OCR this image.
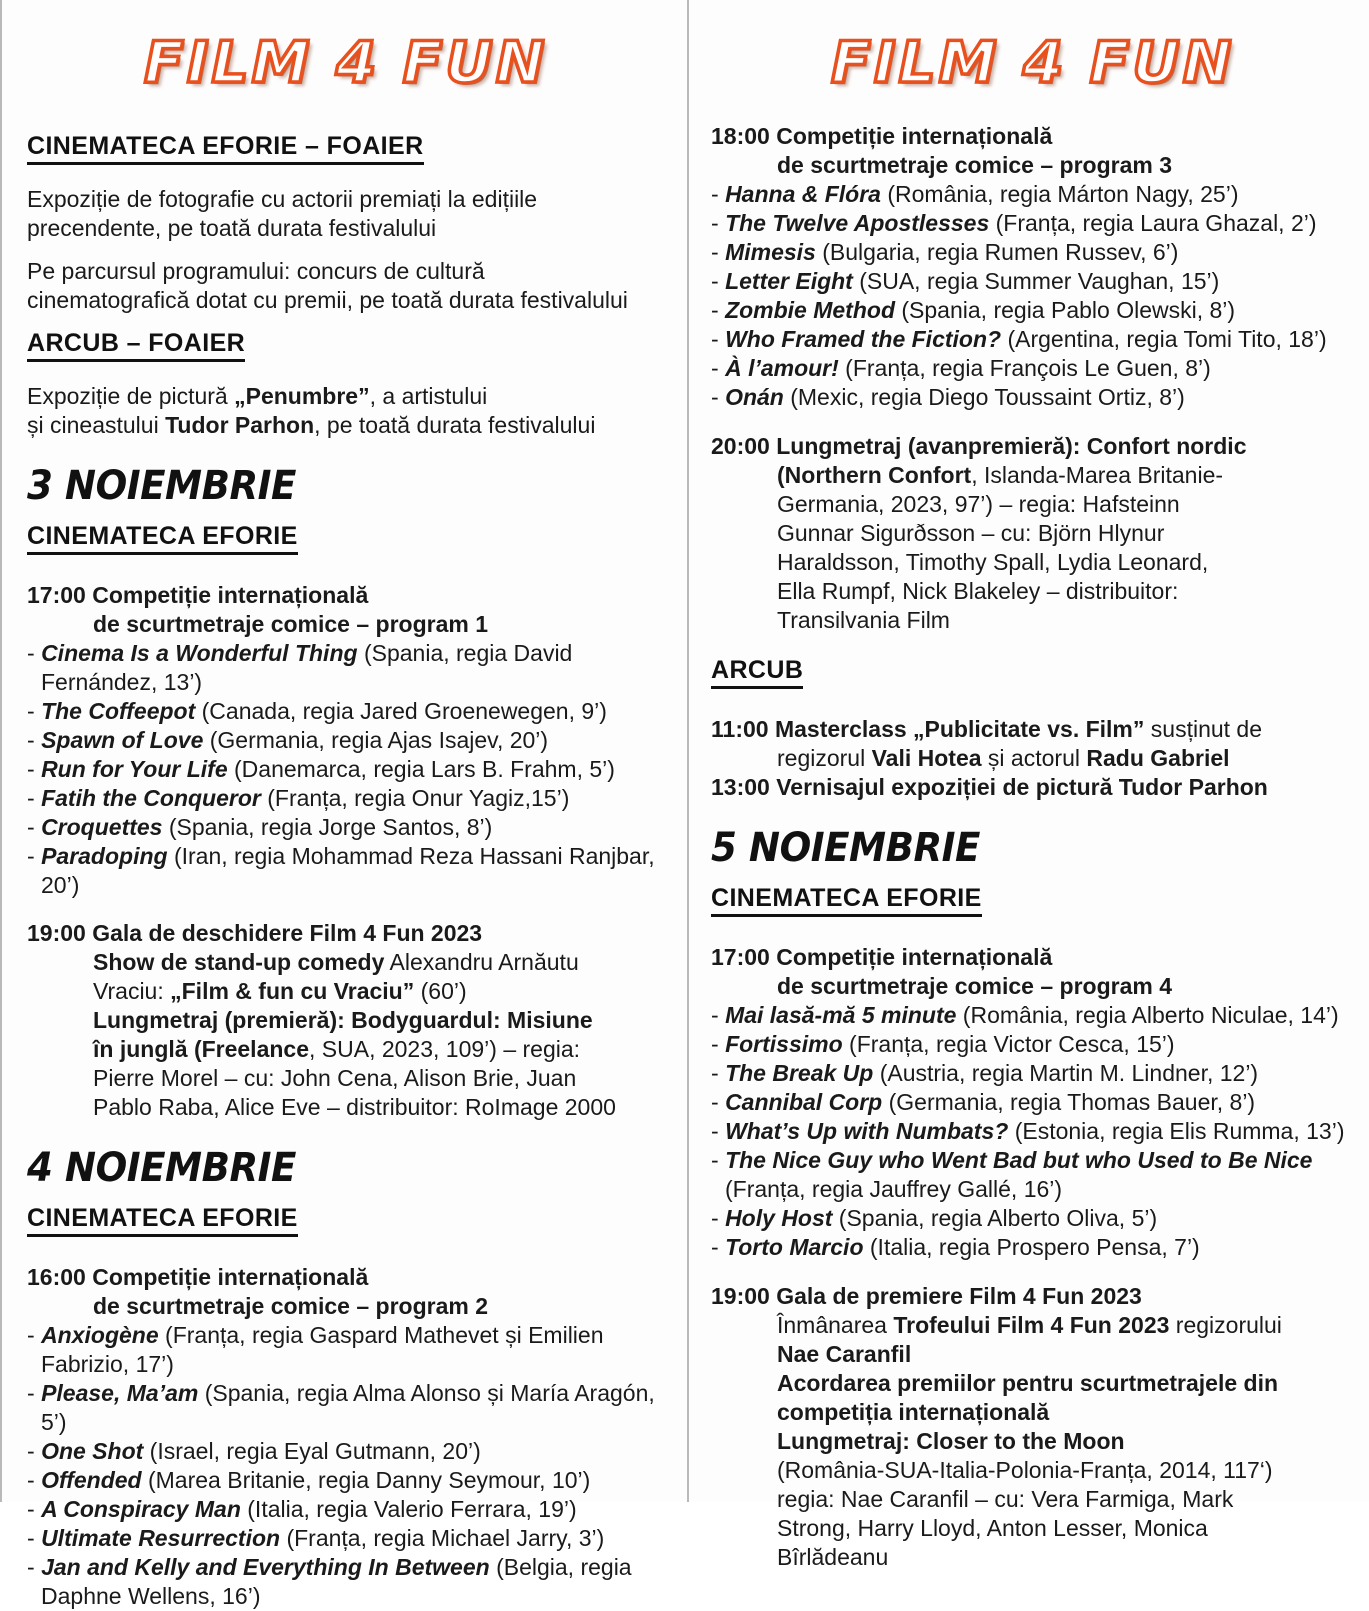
FILM 4 FUN
CINEMATECA EFORIE – FOAIER

Expoziție de fotografie cu actorii premiați la edițiile
precendente, pe toată durata festivalului

Pe parcursul programului: concurs de cultură
cinematografică dotat cu premii, pe toată durata festivalului

ARCUB – FOAIER

Expoziție de pictură „Penumbre”, a artistului
și cineastului Tudor Parhon, pe toată durata festivalului

3 NOIEMBRIE
CINEMATECA EFORIE
17:00 Competiție internațională
de scurtmetraje comice – program 1
- Cinema Is a Wonderful Thing (Spania, regia David Fernández, 13’)
- The Coffeepot (Canada, regia Jared Groenewegen, 9’)
- Spawn of Love (Germania, regia Ajas Isajev, 20’)
- Run for Your Life (Danemarca, regia Lars B. Frahm, 5’)
- Fatih the Conqueror (Franța, regia Onur Yagiz,15’)
- Croquettes (Spania, regia Jorge Santos, 8’)
- Paradoping (Iran, regia Mohammad Reza Hassani Ranjbar, 20’)
19:00 Gala de deschidere Film 4 Fun 2023
Show de stand-up comedy Alexandru Arnăutu
Vraciu: „Film & fun cu Vraciu” (60’)
Lungmetraj (premieră): Bodyguardul: Misiune
în junglă (Freelance, SUA, 2023, 109’) – regia:
Pierre Morel – cu: John Cena, Alison Brie, Juan
Pablo Raba, Alice Eve – distribuitor: RoImage 2000
4 NOIEMBRIE
CINEMATECA EFORIE
16:00 Competiție internațională
de scurtmetraje comice – program 2
- Anxiogène (Franța, regia Gaspard Mathevet și Emilien Fabrizio, 17’)
- Please, Ma’am (Spania, regia Alma Alonso și María Aragón, 5’)
- One Shot (Israel, regia Eyal Gutmann, 20’)
- Offended (Marea Britanie, regia Danny Seymour, 10’)
- A Conspiracy Man (Italia, regia Valerio Ferrara, 19’)
- Ultimate Resurrection (Franța, regia Michael Jarry, 3’)
- Jan and Kelly and Everything In Between (Belgia, regia Daphne Wellens, 16’)
FILM 4 FUN
18:00 Competiție internațională
de scurtmetraje comice – program 3
- Hanna & Flóra (România, regia Márton Nagy, 25’)
- The Twelve Apostlesses (Franța, regia Laura Ghazal, 2’)
- Mimesis (Bulgaria, regia Rumen Russev, 6’)
- Letter Eight (SUA, regia Summer Vaughan, 15’)
- Zombie Method (Spania, regia Pablo Olewski, 8’)
- Who Framed the Fiction? (Argentina, regia Tomi Tito, 18’)
- À l’amour! (Franța, regia François Le Guen, 8’)
- Onán (Mexic, regia Diego Toussaint Ortiz, 8’)
20:00 Lungmetraj (avanpremieră): Confort nordic
(Northern Confort, Islanda-Marea Britanie-
Germania, 2023, 97’) – regia: Hafsteinn
Gunnar Sigurðsson – cu: Björn Hlynur
Haraldsson, Timothy Spall, Lydia Leonard,
Ella Rumpf, Nick Blakeley – distribuitor:
Transilvania Film
ARCUB
11:00 Masterclass „Publicitate vs. Film” susținut de
regizorul Vali Hotea și actorul Radu Gabriel
13:00 Vernisajul expoziției de pictură Tudor Parhon
5 NOIEMBRIE
CINEMATECA EFORIE
17:00 Competiție internațională
de scurtmetraje comice – program 4
- Mai lasă-mă 5 minute (România, regia Alberto Niculae, 14’)
- Fortissimo (Franța, regia Victor Cesca, 15’)
- The Break Up (Austria, regia Martin M. Lindner, 12’)
- Cannibal Corp (Germania, regia Thomas Bauer, 8’)
- What’s Up with Numbats? (Estonia, regia Elis Rumma, 13’)
- The Nice Guy who Went Bad but who Used to Be Nice (Franța, regia Jauffrey Gallé, 16’)
- Holy Host (Spania, regia Alberto Oliva, 5’)
- Torto Marcio (Italia, regia Prospero Pensa, 7’)
19:00 Gala de premiere Film 4 Fun 2023
Înmânarea Trofeului Film 4 Fun 2023 regizorului
Nae Caranfil
Acordarea premiilor pentru scurtmetrajele din
competiția internațională
Lungmetraj: Closer to the Moon
(România-SUA-Italia-Polonia-Franța, 2014, 117‘)
regia: Nae Caranfil – cu: Vera Farmiga, Mark
Strong, Harry Lloyd, Anton Lesser, Monica
Bîrlădeanu
